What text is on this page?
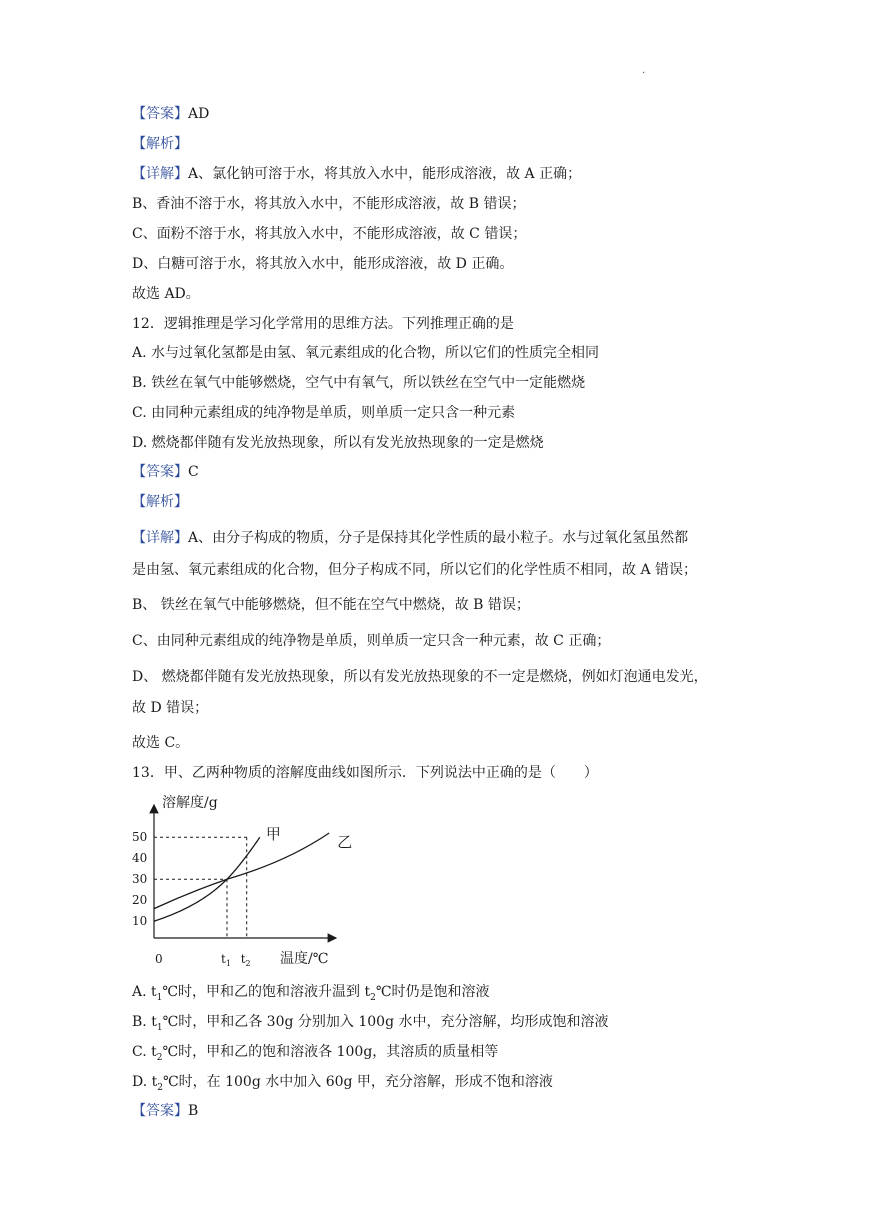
·
【答案】AD
【解析】
【详解】A、氯化钠可溶于水，将其放入水中，能形成溶液，故 A 正确；
B、香油不溶于水，将其放入水中，不能形成溶液，故 B 错误；
C、面粉不溶于水，将其放入水中，不能形成溶液，故 C 错误；
D、白糖可溶于水，将其放入水中，能形成溶液，故 D 正确。
故选 AD。
12．逻辑推理是学习化学常用的思维方法。下列推理正确的是
A. 水与过氧化氢都是由氢、氧元素组成的化合物，所以它们的性质完全相同
B. 铁丝在氧气中能够燃烧，空气中有氧气，所以铁丝在空气中一定能燃烧
C. 由同种元素组成的纯净物是单质，则单质一定只含一种元素
D. 燃烧都伴随有发光放热现象，所以有发光放热现象的一定是燃烧
【答案】C
【解析】
【详解】A、由分子构成的物质，分子是保持其化学性质的最小粒子。水与过氧化氢虽然都
是由氢、氧元素组成的化合物，但分子构成不同，所以它们的化学性质不相同，故 A 错误；
B、 铁丝在氧气中能够燃烧，但不能在空气中燃烧，故 B 错误；
C、由同种元素组成的纯净物是单质，则单质一定只含一种元素，故 C 正确；
D、 燃烧都伴随有发光放热现象，所以有发光放热现象的不一定是燃烧，例如灯泡通电发光，
故 D 错误；
故选 C。
13．甲、乙两种物质的溶解度曲线如图所示．下列说法中正确的是（　　）
溶解度/g
温度/℃
0
10
20
30
40
50	甲	乙
$t_1$ $t_2$
A. $t_1℃$时，甲和乙的饱和溶液升温到 $t_2℃$时仍是饱和溶液
B. $t_1℃$时，甲和乙各 30g 分别加入 100g 水中，充分溶解，均形成饱和溶液
C. $t_2℃$时，甲和乙的饱和溶液各 100g，其溶质的质量相等
D. $t_2℃$时，在 100g 水中加入 60g 甲，充分溶解，形成不饱和溶液
【答案】B
